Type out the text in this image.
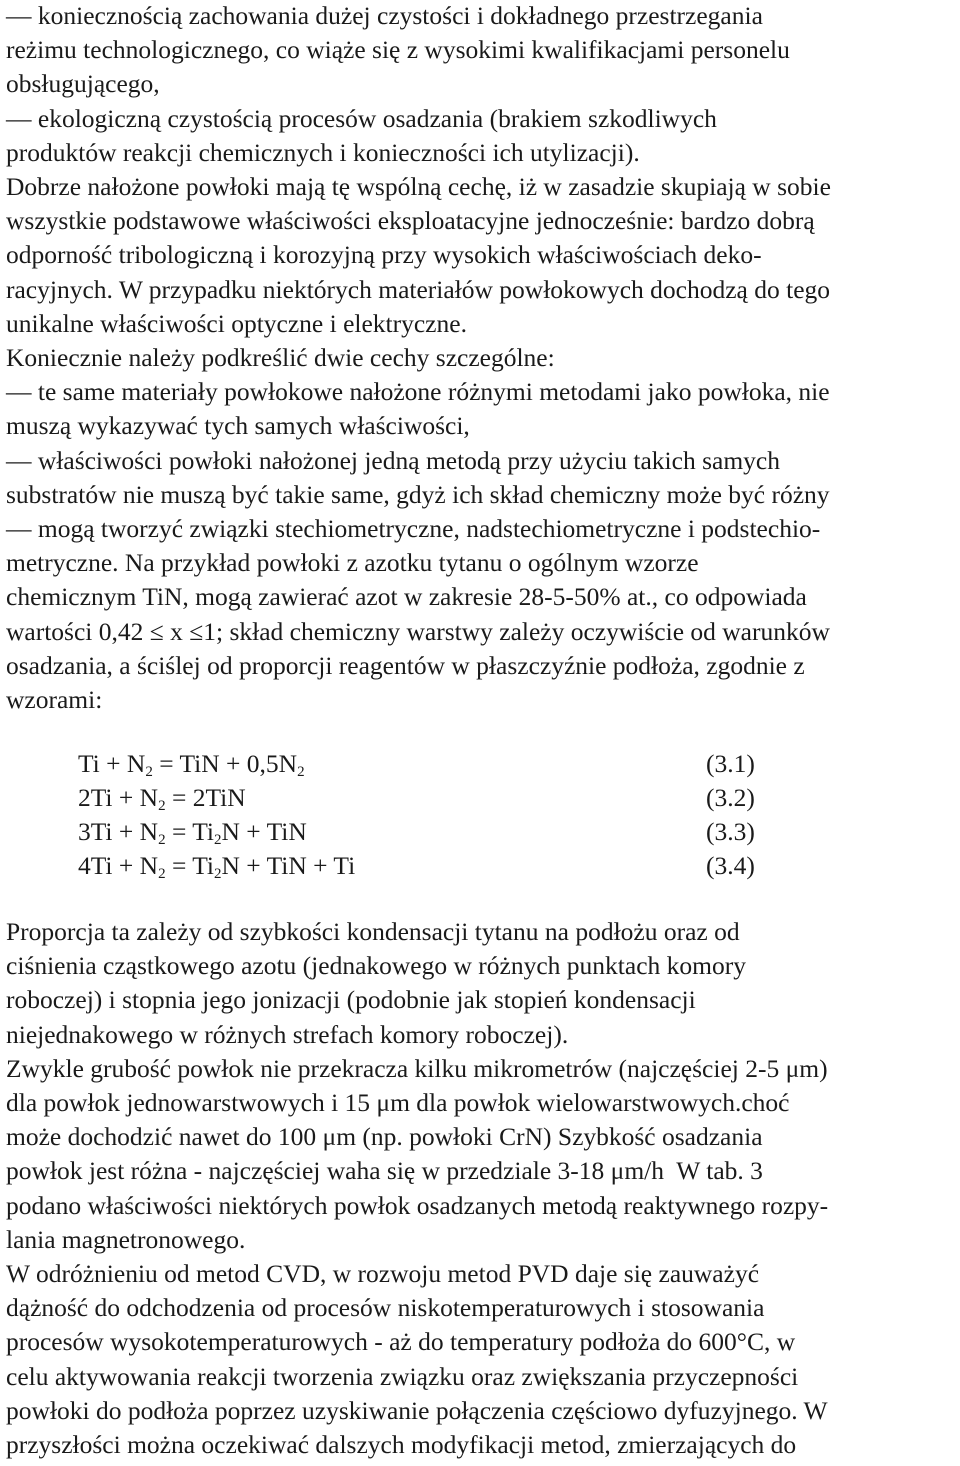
— koniecznością zachowania dużej czystości i dokładnego przestrzegania
reżimu technologicznego, co wiąże się z wysokimi kwalifikacjami personelu
obsługującego,
— ekologiczną czystością procesów osadzania (brakiem szkodliwych
produktów reakcji chemicznych i konieczności ich utylizacji).
Dobrze nałożone powłoki mają tę wspólną cechę, iż w zasadzie skupiają w sobie
wszystkie podstawowe właściwości eksploatacyjne jednocześnie: bardzo dobrą
odporność tribologiczną i korozyjną przy wysokich właściwościach deko-
racyjnych. W przypadku niektórych materiałów powłokowych dochodzą do tego
unikalne właściwości optyczne i elektryczne.
Koniecznie należy podkreślić dwie cechy szczególne:
— te same materiały powłokowe nałożone różnymi metodami jako powłoka, nie
muszą wykazywać tych samych właściwości,
— właściwości powłoki nałożonej jedną metodą przy użyciu takich samych
substratów nie muszą być takie same, gdyż ich skład chemiczny może być różny
— mogą tworzyć związki stechiometryczne, nadstechiometryczne i podstechio-
metryczne. Na przykład powłoki z azotku tytanu o ogólnym wzorze
chemicznym TiN, mogą zawierać azot w zakresie 28-5-50% at., co odpowiada
wartości 0,42 ≤ x ≤1; skład chemiczny warstwy zależy oczywiście od warunków
osadzania, a ściślej od proporcji reagentów w płaszczyźnie podłoża, zgodnie z
wzorami:
$Ti + N_2$ = TiN + $0,5N_2$	(3.1)
$2Ti + N_2 = 2TiN$	(3.2)
$3Ti + N_2 = Ti_2N$ + TiN	(3.3)
$4Ti + N_2 = Ti_2N$ + TiN + Ti	(3.4)
Proporcja ta zależy od szybkości kondensacji tytanu na podłożu oraz od
ciśnienia cząstkowego azotu (jednakowego w różnych punktach komory
roboczej) i stopnia jego jonizacji (podobnie jak stopień kondensacji
niejednakowego w różnych strefach komory roboczej).
Zwykle grubość powłok nie przekracza kilku mikrometrów (najczęściej 2-5 μm)
dla powłok jednowarstwowych i 15 μm dla powłok wielowarstwowych.choć
może dochodzić nawet do 100 μm (np. powłoki CrN) Szybkość osadzania
powłok jest różna - najczęściej waha się w przedziale 3-18 μm/h  W tab. 3
podano właściwości niektórych powłok osadzanych metodą reaktywnego rozpy-
lania magnetronowego.
W odróżnieniu od metod CVD, w rozwoju metod PVD daje się zauważyć
dążność do odchodzenia od procesów niskotemperaturowych i stosowania
procesów wysokotemperaturowych - aż do temperatury podłoża do 600°C, w
celu aktywowania reakcji tworzenia związku oraz zwiększania przyczepności
powłoki do podłoża poprzez uzyskiwanie połączenia częściowo dyfuzyjnego. W
przyszłości można oczekiwać dalszych modyfikacji metod, zmierzających do
